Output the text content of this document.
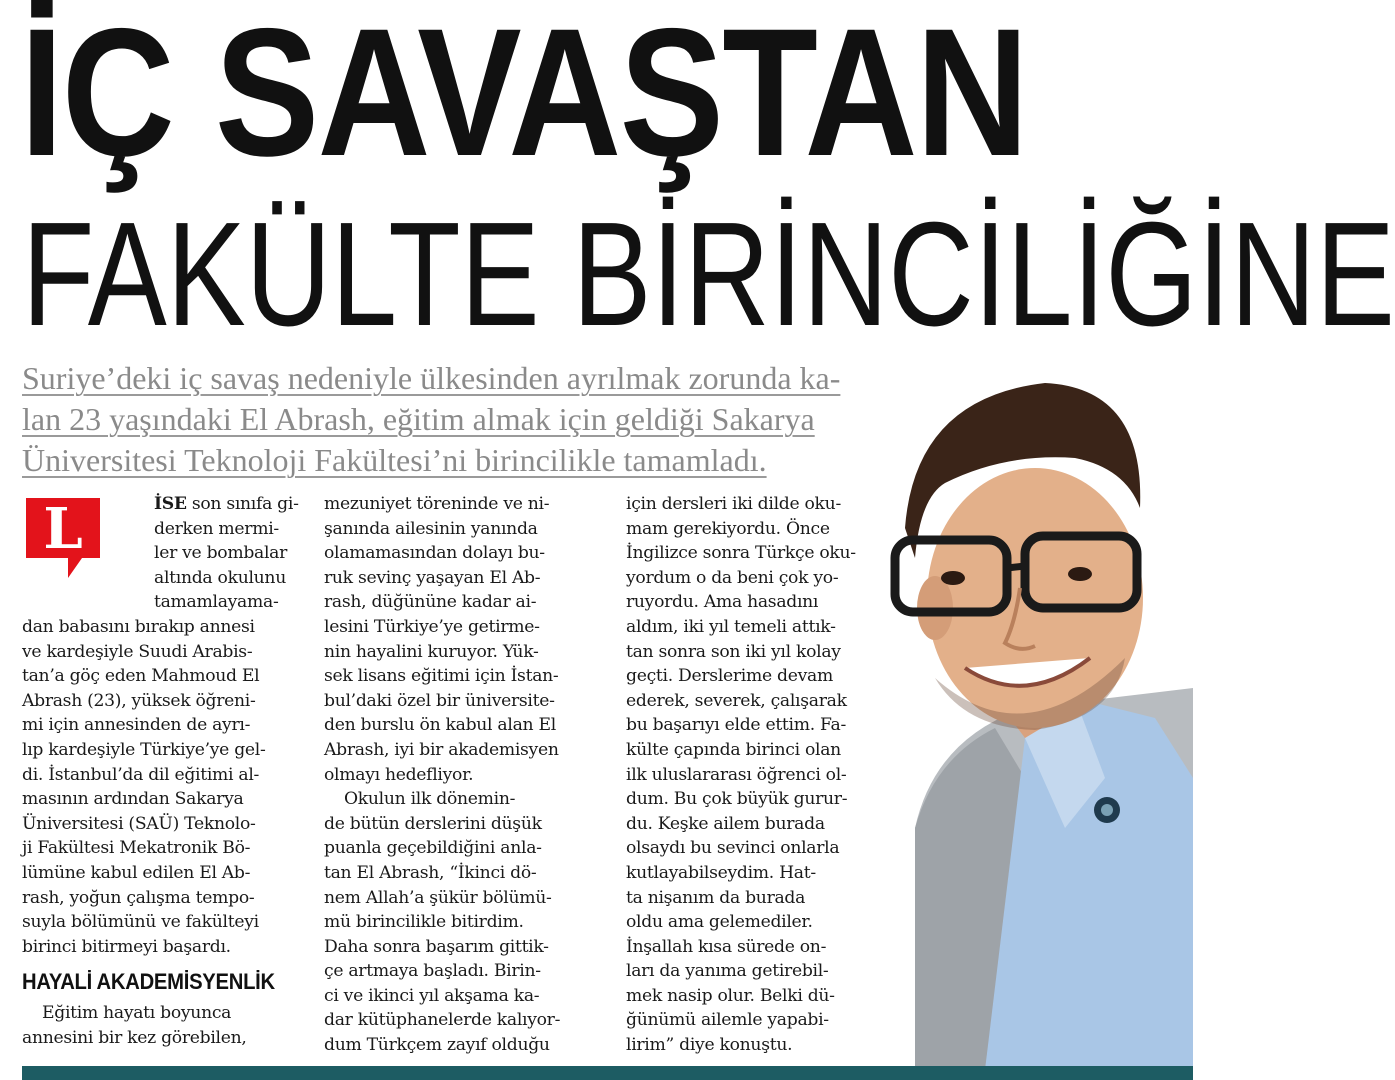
İÇ SAVAŞTAN
FAKÜLTE BİRİNCİLİĞİNE
Suriye’deki iç savaş nedeniyle ülkesinden ayrılmak zorunda ka-
lan 23 yaşındaki El Abrash, eğitim almak için geldiği Sakarya
Üniversitesi Teknoloji Fakültesi’ni birincilikle tamamladı.
L	İSE son sınıfa gi-
derken mermi-
ler ve bombalar
altında okulunu
tamamlayama-
dan babasını bırakıp annesi
ve kardeşiyle Suudi Arabis-
tan’a göç eden Mahmoud El
Abrash (23), yüksek öğreni-
mi için annesinden de ayrı-
lıp kardeşiyle Türkiye’ye gel-
di. İstanbul’da dil eğitimi al-
masının ardından Sakarya
Üniversitesi (SAÜ) Teknolo-
ji Fakültesi Mekatronik Bö-
lümüne kabul edilen El Ab-
rash, yoğun çalışma tempo-
suyla bölümünü ve fakülteyi
birinci bitirmeyi başardı.
HAYALİ AKADEMİSYENLİK
Eğitim hayatı boyunca
annesini bir kez görebilen,
mezuniyet töreninde ve ni-
şanında ailesinin yanında
olamamasından dolayı bu-
ruk sevinç yaşayan El Ab-
rash, düğününe kadar ai-
lesini Türkiye’ye getirme-
nin hayalini kuruyor. Yük-
sek lisans eğitimi için İstan-
bul’daki özel bir üniversite-
den burslu ön kabul alan El
Abrash, iyi bir akademisyen
olmayı hedefliyor.
Okulun ilk dönemin-
de bütün derslerini düşük
puanla geçebildiğini anla-
tan El Abrash, “İkinci dö-
nem Allah’a şükür bölümü-
mü birincilikle bitirdim.
Daha sonra başarım gittik-
çe artmaya başladı. Birin-
ci ve ikinci yıl akşama ka-
dar kütüphanelerde kalıyor-
dum Türkçem zayıf olduğu
için dersleri iki dilde oku-
mam gerekiyordu. Önce
İngilizce sonra Türkçe oku-
yordum o da beni çok yo-
ruyordu. Ama hasadını
aldım, iki yıl temeli attık-
tan sonra son iki yıl kolay
geçti. Derslerime devam
ederek, severek, çalışarak
bu başarıyı elde ettim. Fa-
külte çapında birinci olan
ilk uluslararası öğrenci ol-
dum. Bu çok büyük gurur-
du. Keşke ailem burada
olsaydı bu sevinci onlarla
kutlayabilseydim. Hat-
ta nişanım da burada
oldu ama gelemediler.
İnşallah kısa sürede on-
ları da yanıma getirebil-
mek nasip olur. Belki dü-
ğünümü ailemle yapabi-
lirim” diye konuştu.
